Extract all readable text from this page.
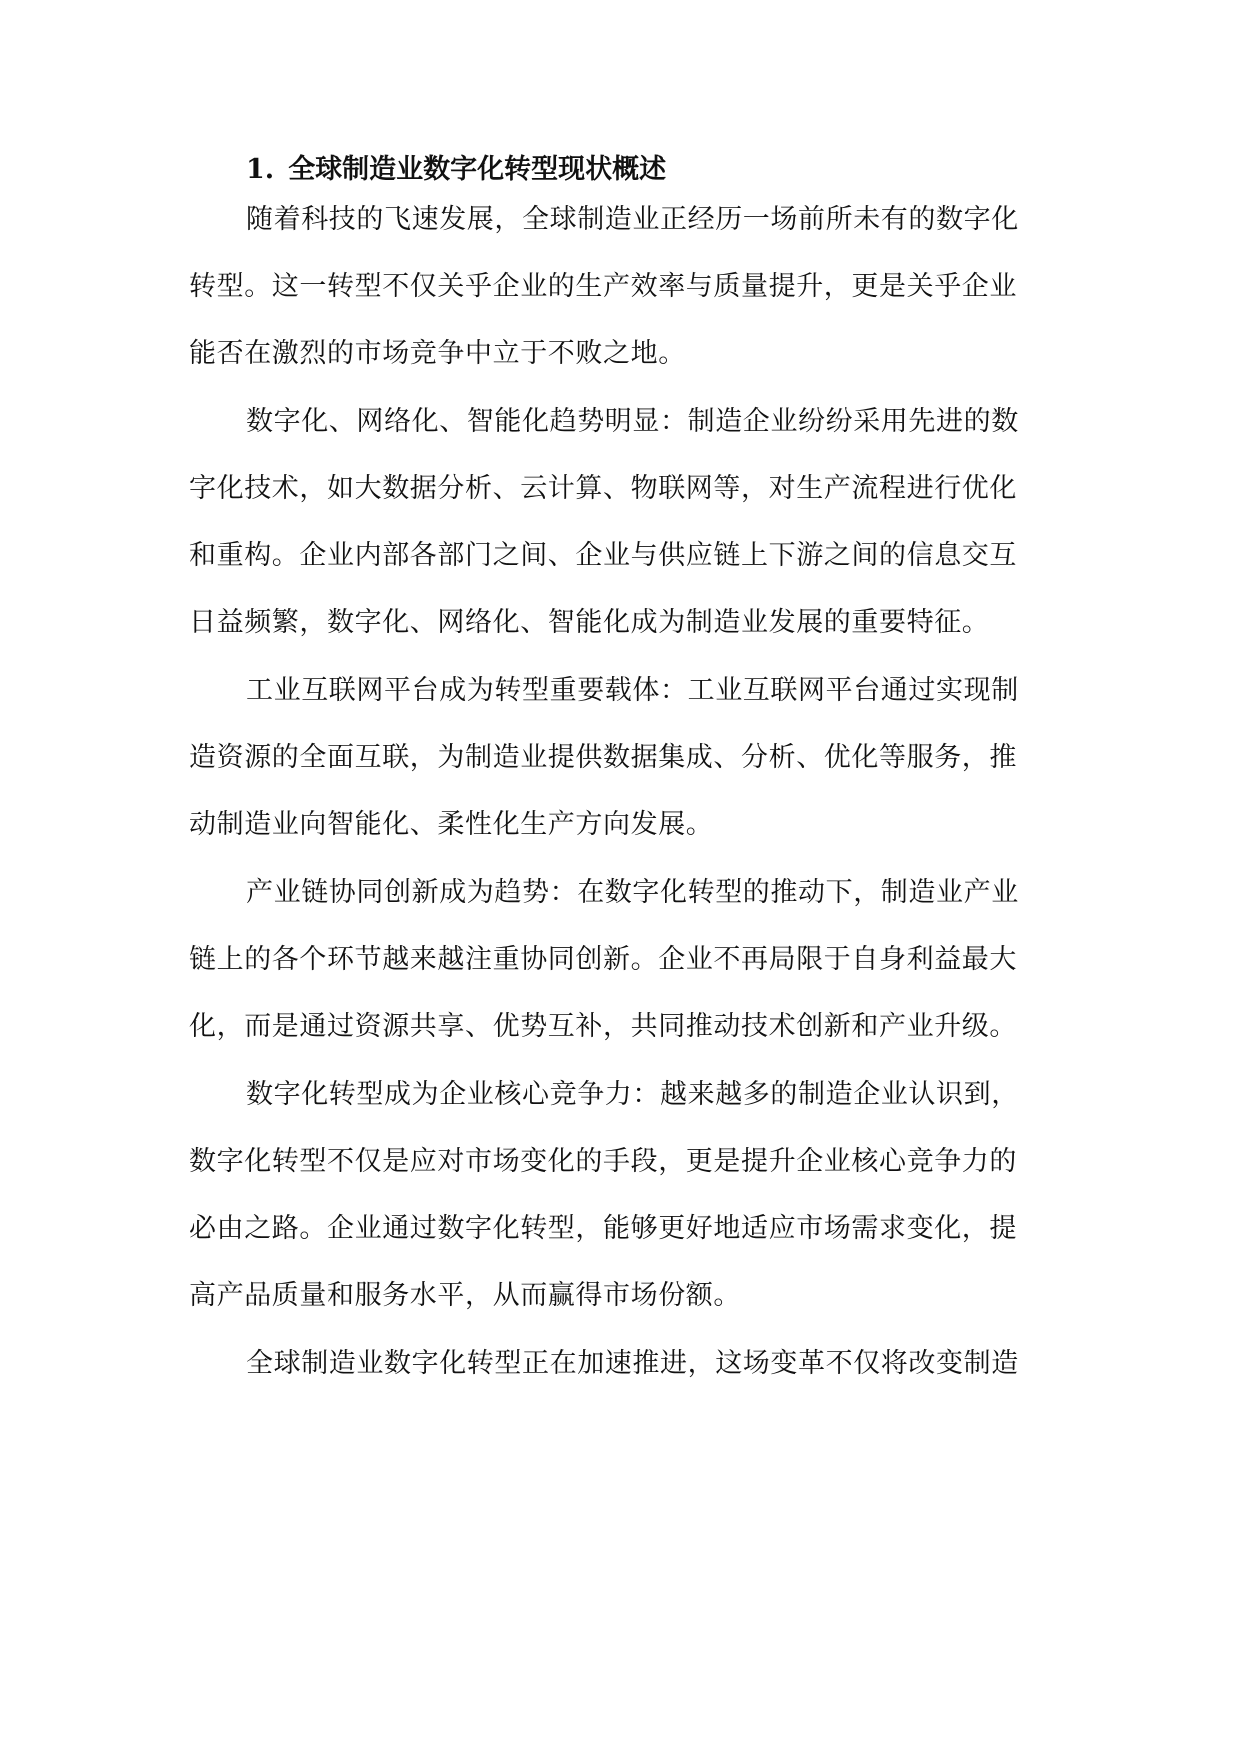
1. 全球制造业数字化转型现状概述
随着科技的飞速发展，全球制造业正经历一场前所未有的数字化
转型。这一转型不仅关乎企业的生产效率与质量提升，更是关乎企业
能否在激烈的市场竞争中立于不败之地。
数字化、网络化、智能化趋势明显：制造企业纷纷采用先进的数
字化技术，如大数据分析、云计算、物联网等，对生产流程进行优化
和重构。企业内部各部门之间、企业与供应链上下游之间的信息交互
日益频繁，数字化、网络化、智能化成为制造业发展的重要特征。
工业互联网平台成为转型重要载体：工业互联网平台通过实现制
造资源的全面互联，为制造业提供数据集成、分析、优化等服务，推
动制造业向智能化、柔性化生产方向发展。
产业链协同创新成为趋势：在数字化转型的推动下，制造业产业
链上的各个环节越来越注重协同创新。企业不再局限于自身利益最大
化，而是通过资源共享、优势互补，共同推动技术创新和产业升级。
数字化转型成为企业核心竞争力：越来越多的制造企业认识到，
数字化转型不仅是应对市场变化的手段，更是提升企业核心竞争力的
必由之路。企业通过数字化转型，能够更好地适应市场需求变化，提
高产品质量和服务水平，从而赢得市场份额。
全球制造业数字化转型正在加速推进，这场变革不仅将改变制造
